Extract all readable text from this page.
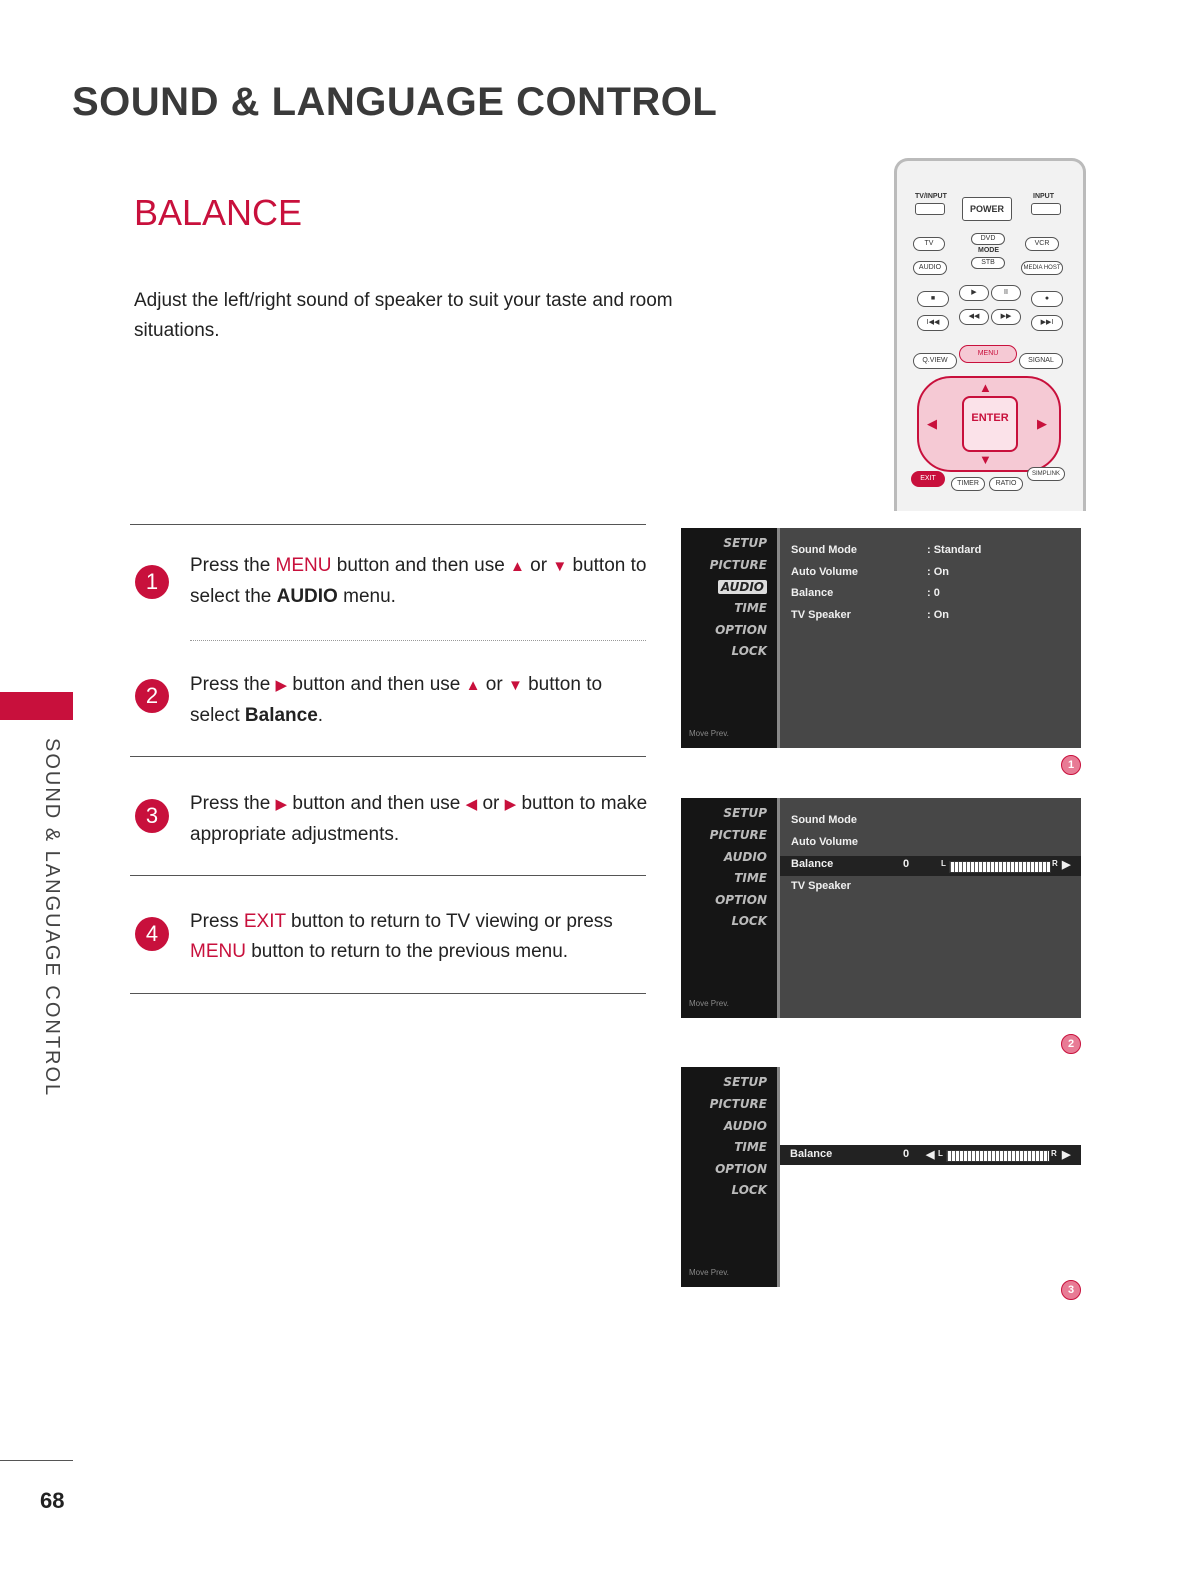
SOUND & LANGUAGE CONTROL
BALANCE
Adjust the left/right sound of speaker to suit your taste and room situations.
TV/INPUT
POWER
INPUT
TV
DVD
MODE
VCR
AUDIO
STB
MEDIA HOST
■
▶	II
●
I◀◀
◀◀	▶▶
▶▶I
Q.VIEW
MENU
SIGNAL
▲
▼
◀	▶
ENTER
EXIT
TIMER	RATIO
SIMPLINK
1
Press the MENU button and then use ▲ or ▼ button to select the AUDIO menu.
2	Press the ▶ button and then use ▲ or ▼ button to select Balance.
3	Press the ▶ button and then use ◀ or ▶ button to make appropriate adjustments.
4	Press EXIT button to return to TV viewing or press MENU button to return to the previous menu.
SOUND & LANGUAGE CONTROL
68
SETUP
PICTURE
AUDIO
TIME
OPTION
LOCK
Move Prev.
Sound Mode	: Standard
Auto Volume	: On
Balance	: 0
TV Speaker	: On
1
SETUP
PICTURE
AUDIO
TIME
OPTION
LOCK
Move Prev.
Sound Mode
Auto Volume
Balance	0	L	R ▶
TV Speaker
2
SETUP
PICTURE
AUDIO
TIME
OPTION
LOCK
Move Prev.
Balance	0 ◀ L	R ▶
3
